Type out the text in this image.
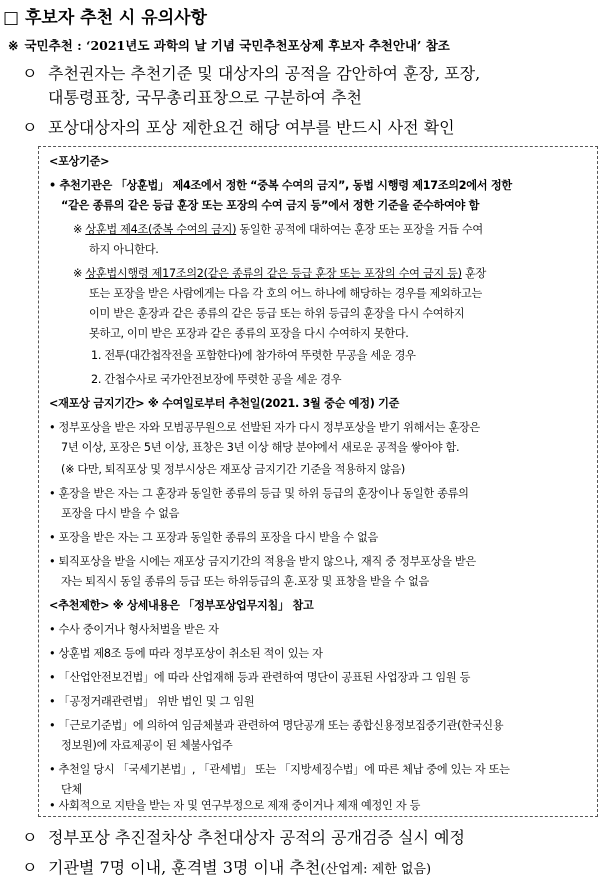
□ 후보자 추천 시 유의사항
※ 국민추천 : ‘2021년도 과학의 날 기념 국민추천포상제 후보자 추천안내’ 참조
ㅇ 추천권자는 추천기준 및 대상자의 공적을 감안하여 훈장, 포장,
대통령표창, 국무총리표창으로 구분하여 추천
ㅇ 포상대상자의 포상 제한요건 해당 여부를 반드시 사전 확인
<포상기준>
• 추천기관은 「상훈법」 제4조에서 정한 “중복 수여의 금지”, 동법 시행령 제17조의2에서 정한
“같은 종류의 같은 등급 훈장 또는 포장의 수여 금지 등”에서 정한 기준을 준수하여야 함
※ 상훈법 제4조(중복 수여의 금지) 동일한 공적에 대하여는 훈장 또는 포장을 거듭 수여
하지 아니한다.
※ 상훈법시행령 제17조의2(같은 종류의 같은 등급 훈장 또는 포장의 수여 금지 등) 훈장
또는 포장을 받은 사람에게는 다음 각 호의 어느 하나에 해당하는 경우를 제외하고는
이미 받은 훈장과 같은 종류의 같은 등급 또는 하위 등급의 훈장을 다시 수여하지
못하고, 이미 받은 포장과 같은 종류의 포장을 다시 수여하지 못한다.
1. 전투(대간첩작전을 포함한다)에 참가하여 뚜렷한 무공을 세운 경우
2. 간첩수사로 국가안전보장에 뚜렷한 공을 세운 경우
<재포상 금지기간> ※ 수여일로부터 추천일(2021. 3월 중순 예정) 기준
• 정부포상을 받은 자와 모범공무원으로 선발된 자가 다시 정부포상을 받기 위해서는 훈장은
7년 이상, 포장은 5년 이상, 표창은 3년 이상 해당 분야에서 새로운 공적을 쌓아야 함.
(※ 다만, 퇴직포상 및 정부시상은 재포상 금지기간 기준을 적용하지 않음)
• 훈장을 받은 자는 그 훈장과 동일한 종류의 등급 및 하위 등급의 훈장이나 동일한 종류의
포장을 다시 받을 수 없음
• 포장을 받은 자는 그 포장과 동일한 종류의 포장을 다시 받을 수 없음
• 퇴직포상을 받을 시에는 재포상 금지기간의 적용을 받지 않으나, 재직 중 정부포상을 받은
자는 퇴직시 동일 종류의 등급 또는 하위등급의 훈.포장 및 표창을 받을 수 없음
<추천제한> ※ 상세내용은 「정부포상업무지침」 참고
• 수사 중이거나 형사처벌을 받은 자
• 상훈법 제8조 등에 따라 정부포상이 취소된 적이 있는 자
• 「산업안전보건법」에 따라 산업재해 등과 관련하여 명단이 공표된 사업장과 그 임원 등
• 「공정거래관련법」 위반 법인 및 그 임원
• 「근로기준법」에 의하여 임금체불과 관련하여 명단공개 또는 종합신용정보집중기관(한국신용
정보원)에 자료제공이 된 체불사업주
• 추천일 당시 「국세기본법」, 「관세법」 또는 「지방세징수법」에 따른 체납 중에 있는 자 또는
단체
• 사회적으로 지탄을 받는 자 및 연구부정으로 제재 중이거나 제재 예정인 자 등
ㅇ 정부포상 추진절차상 추천대상자 공적의 공개검증 실시 예정
ㅇ 기관별 7명 이내, 훈격별 3명 이내 추천(산업계: 제한 없음)
